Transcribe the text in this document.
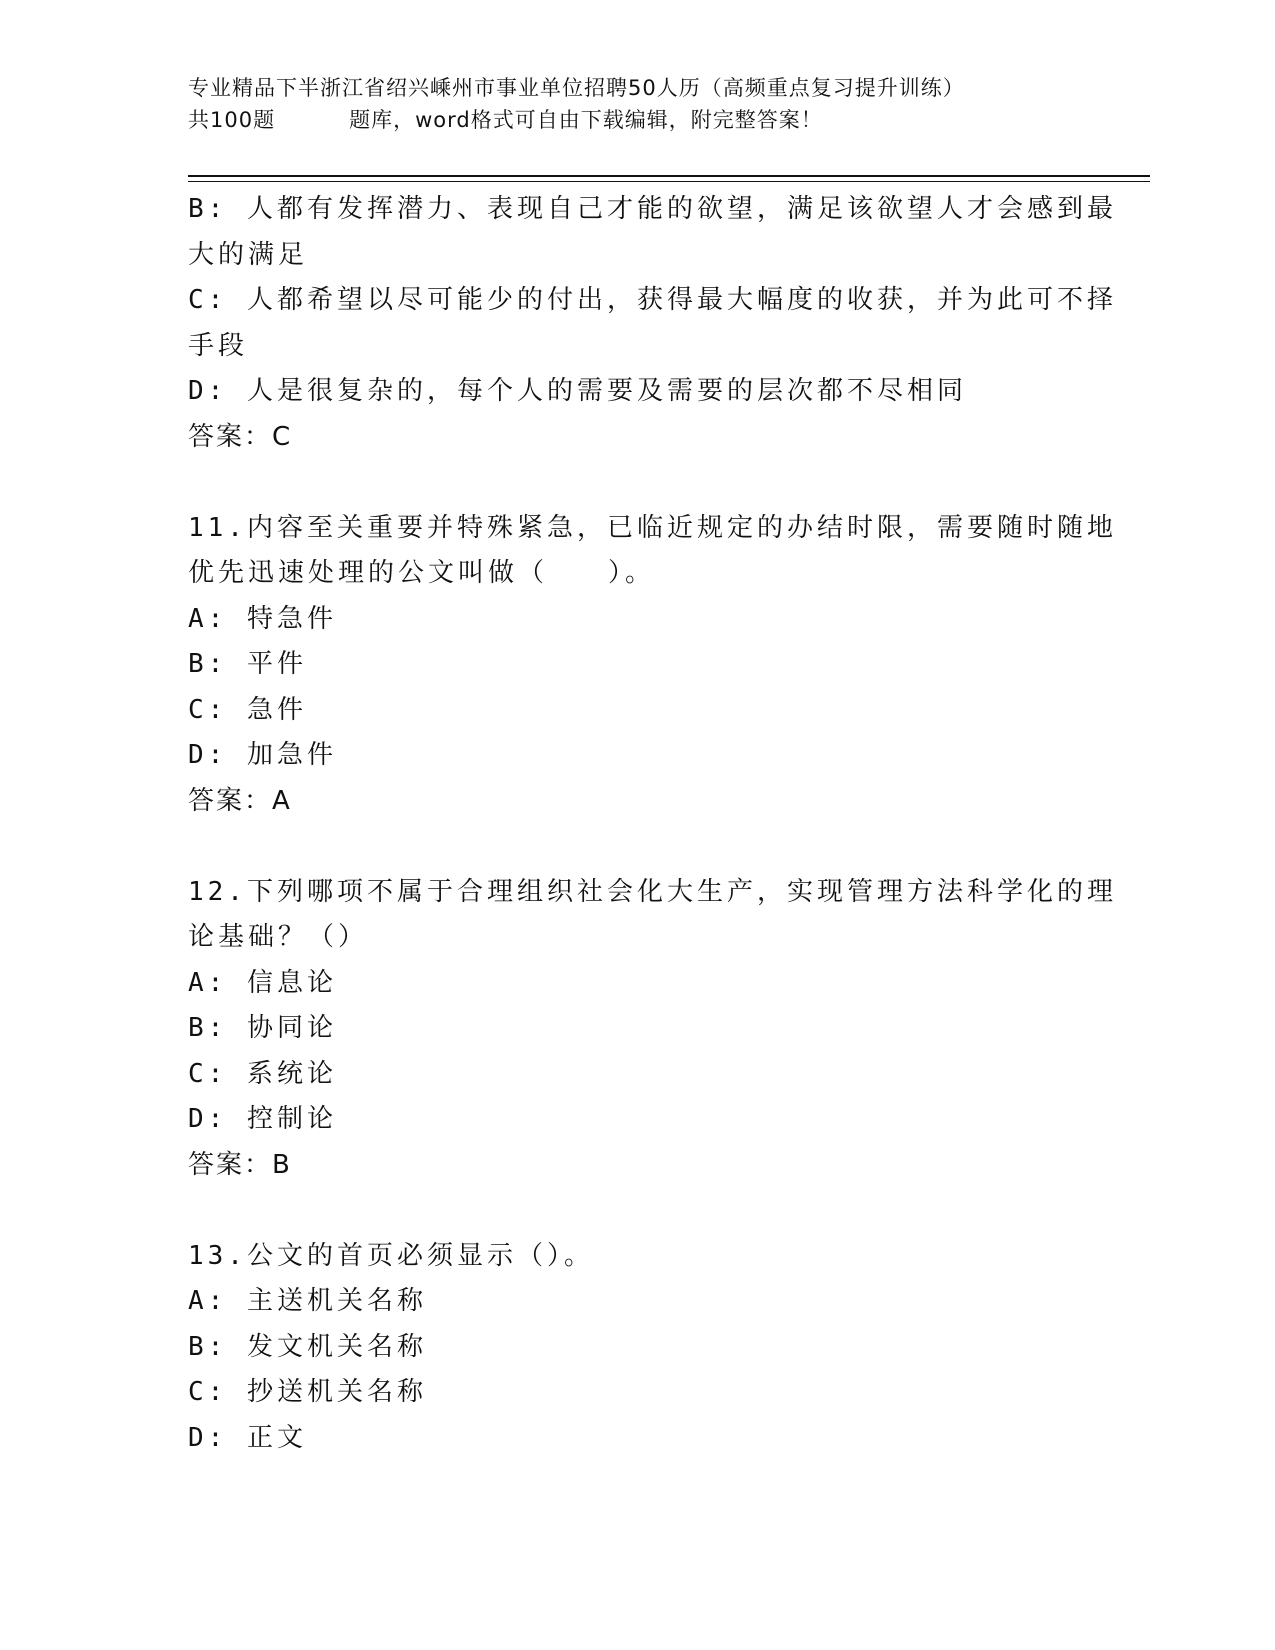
专业精品下半浙江省绍兴嵊州市事业单位招聘50人历（高频重点复习提升训练）
共100题	题库，word格式可自由下载编辑，附完整答案！
B: 人都有发挥潜力、表现自己才能的欲望，满足该欲望人才会感到最
大的满足
C: 人都希望以尽可能少的付出，获得最大幅度的收获，并为此可不择
手段
D: 人是很复杂的，每个人的需要及需要的层次都不尽相同
答案：C
11.内容至关重要并特殊紧急，已临近规定的办结时限，需要随时随地
优先迅速处理的公文叫做（　　）。
A: 特急件
B: 平件
C: 急件
D: 加急件
答案：A
12.下列哪项不属于合理组织社会化大生产，实现管理方法科学化的理
论基础？（）
A: 信息论
B: 协同论
C: 系统论
D: 控制论
答案：B
13.公文的首页必须显示（）。
A: 主送机关名称
B: 发文机关名称
C: 抄送机关名称
D: 正文
